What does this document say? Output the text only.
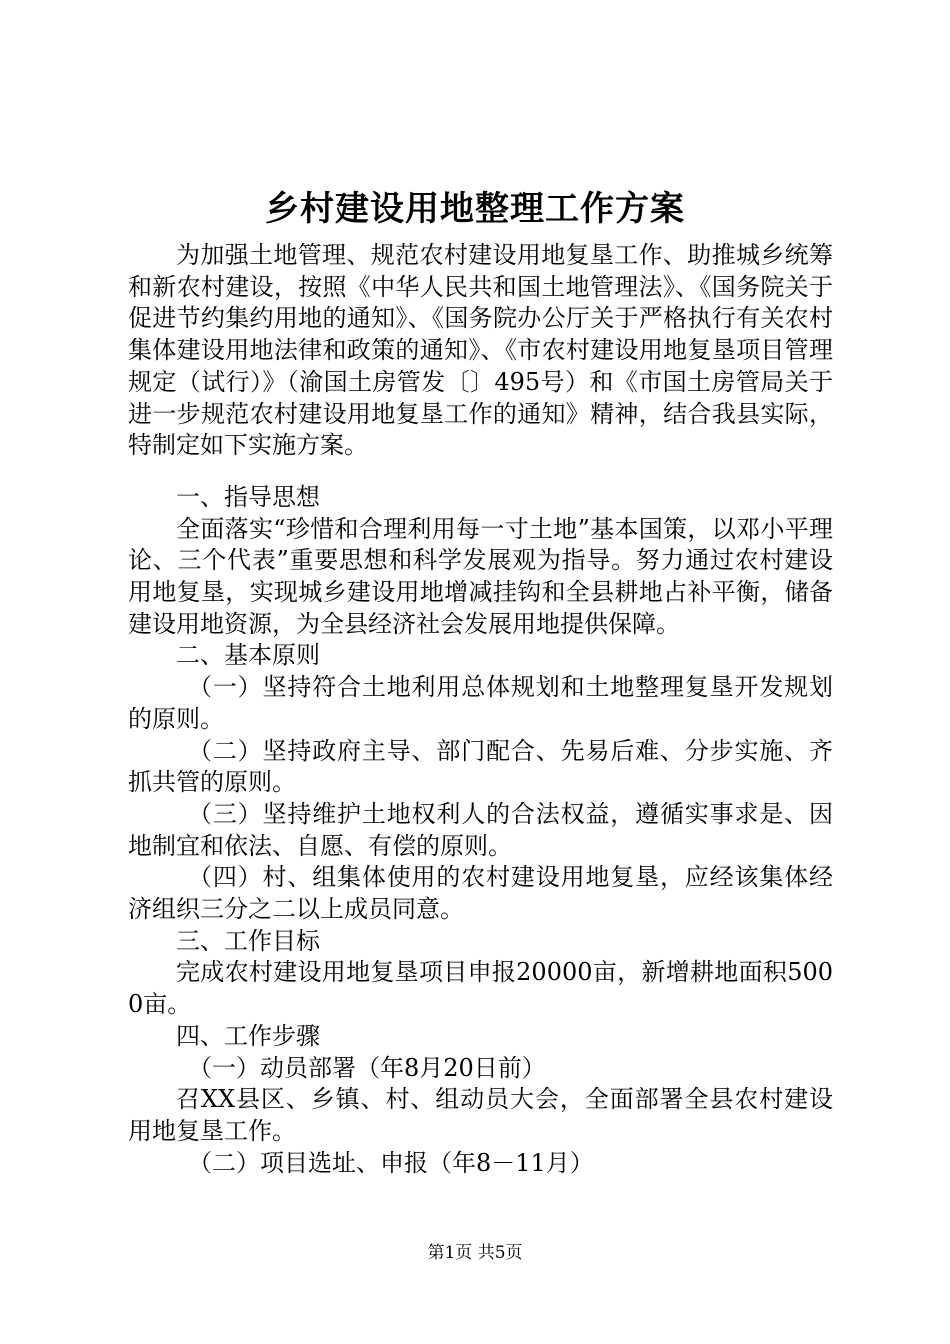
乡村建设用地整理工作方案

为加强土地管理、规范农村建设用地复垦工作、助推城乡统筹和新农村建设，按照《中华人民共和国土地管理法》、《国务院关于促进节约集约用地的通知》、《国务院办公厅关于严格执行有关农村集体建设用地法律和政策的通知》、《市农村建设用地复垦项目管理规定（试行）》（渝国土房管发〔〕495号）和《市国土房管局关于进一步规范农村建设用地复垦工作的通知》精神，结合我县实际，特制定如下实施方案。

一、指导思想

全面落实“珍惜和合理利用每一寸土地”基本国策，以邓小平理论、三个代表”重要思想和科学发展观为指导。努力通过农村建设用地复垦，实现城乡建设用地增减挂钩和全县耕地占补平衡，储备建设用地资源，为全县经济社会发展用地提供保障。

二、基本原则

（一）坚持符合土地利用总体规划和土地整理复垦开发规划的原则。

（二）坚持政府主导、部门配合、先易后难、分步实施、齐抓共管的原则。

（三）坚持维护土地权利人的合法权益，遵循实事求是、因地制宜和依法、自愿、有偿的原则。

（四）村、组集体使用的农村建设用地复垦，应经该集体经济组织三分之二以上成员同意。

三、工作目标

完成农村建设用地复垦项目申报20000亩，新增耕地面积5000亩。

四、工作步骤

（一）动员部署（年8月20日前）

召XX县区、乡镇、村、组动员大会，全面部署全县农村建设用地复垦工作。

（二）项目选址、申报（年8－11月）

第1页 共5页
